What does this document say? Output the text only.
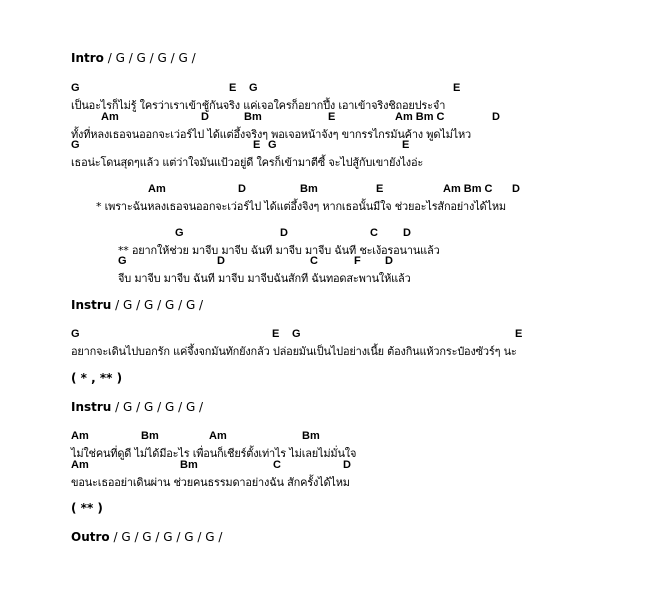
Intro / G / G / G / G /
G	E G	E
เป็นอะไรก็ไม่รู้ ใครว่าเราเข้าชู้กันจริง แค่เจอใครก็อยากปึ้ง เอาเข้าจริงชิถอยประจำ
Am	D	Bm	E	Am Bm C	D
ทั้งที่หลงเธอจนออกจะเว่อร์ไป ได้แต่อึ้งจริงๆ พอเจอหน้าจังๆ ขากรรไกรมันค้าง พูดไม่ไหว
G	E G	E
เธอน่ะโดนสุดๆแล้ว แต่ว่าใจมันแป้วอยู่ดี ใครก็เข้ามาตีซี้ จะไปสู้กับเขายังไงอ่ะ
Am	D	Bm	E	Am Bm C D
* เพราะฉันหลงเธอจนออกจะเว่อร์ไป ได้แต่อึ้งจิงๆ หากเธอนั้นมีใจ ช่วยอะไรสักอย่างได้ไหม
G	D	C D
** อยากให้ช่วย มาจีบ มาจีบ ฉันที มาจีบ มาจีบ ฉันที ชะเง้อรอนานแล้ว
G	D	C	F D
จีบ มาจีบ มาจีบ ฉันที มาจีบ มาจีบฉันสักที ฉันทอดสะพานให้แล้ว
Instru / G / G / G / G /
G	E G	E
อยากจะเดินไปบอกรัก แค่จึ้งจกมันทักยังกลัว ปล่อยมันเป็นไปอย่างเนี้ย ต้องกินแห้วกระป๋องซัวร์ๆ นะ
( * , ** )
Instru / G / G / G / G /
Am	Bm	Am	Bm
ไม่ใช่คนที่ดูดี ไม่ได้มีอะไร เพื่อนก็เชียร์ตั้งเท่าไร ไม่เลยไม่มั่นใจ
Am	Bm	C	D
ขอนะเธออย่าเดินผ่าน ช่วยคนธรรมดาอย่างฉัน สักครั้งได้ไหม
( ** )
Outro / G / G / G / G / G /
